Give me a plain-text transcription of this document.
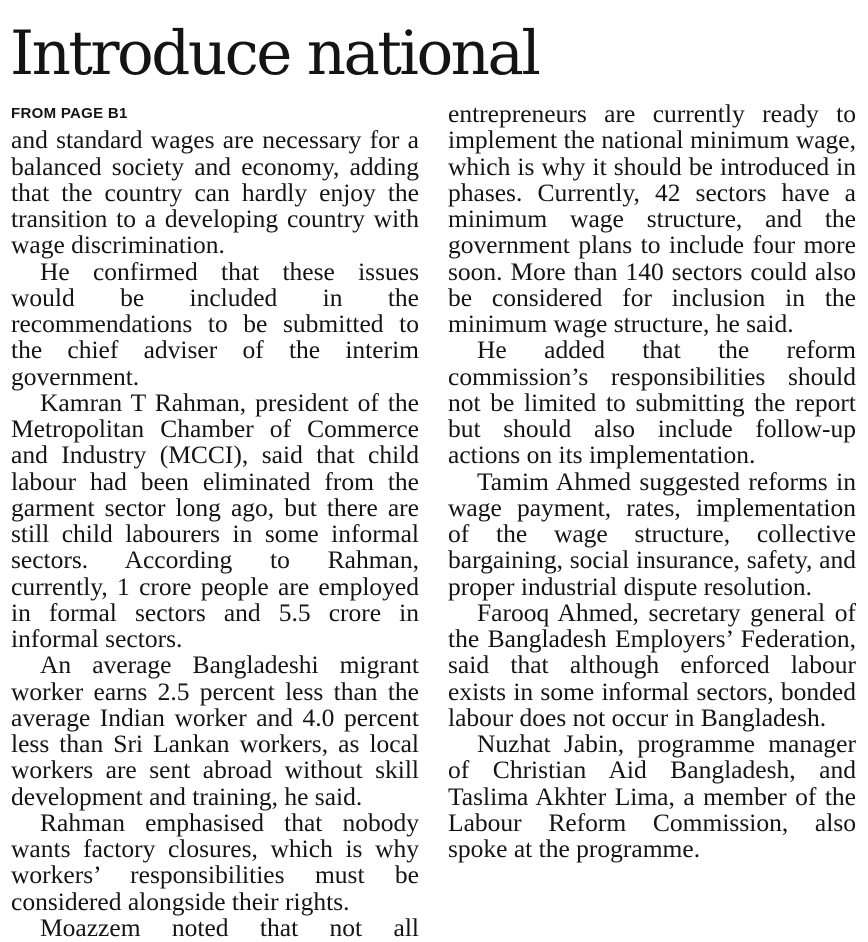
Introduce national
FROM PAGE B1

and standard wages are necessary for a balanced society and economy, adding that the country can hardly enjoy the transition to a developing country with wage discrimination.

He confirmed that these issues would be included in the recommendations to be submitted to the chief adviser of the interim government.

Kamran T Rahman, president of the Metropolitan Chamber of Commerce and Industry (MCCI), said that child labour had been eliminated from the garment sector long ago, but there are still child labourers in some informal sectors. According to Rahman, currently, 1 crore people are employed in formal sectors and 5.5 crore in informal sectors.

An average Bangladeshi migrant worker earns 2.5 percent less than the average Indian worker and 4.0 percent less than Sri Lankan workers, as local workers are sent abroad without skill development and training, he said.

Rahman emphasised that nobody wants factory closures, which is why workers’ responsibilities must be considered alongside their rights.

Moazzem noted that not all

entrepreneurs are currently ready to implement the national minimum wage, which is why it should be introduced in phases. Currently, 42 sectors have a minimum wage structure, and the government plans to include four more soon. More than 140 sectors could also be considered for inclusion in the minimum wage structure, he said.

He added that the reform commission’s responsibilities should not be limited to submitting the report but should also include follow-up actions on its implementation.

Tamim Ahmed suggested reforms in wage payment, rates, implementation of the wage structure, collective bargaining, social insurance, safety, and proper industrial dispute resolution.

Farooq Ahmed, secretary general of the Bangladesh Employers’ Federation, said that although enforced labour exists in some informal sectors, bonded labour does not occur in Bangladesh.

Nuzhat Jabin, programme manager of Christian Aid Bangladesh, and Taslima Akhter Lima, a member of the Labour Reform Commission, also spoke at the programme.
